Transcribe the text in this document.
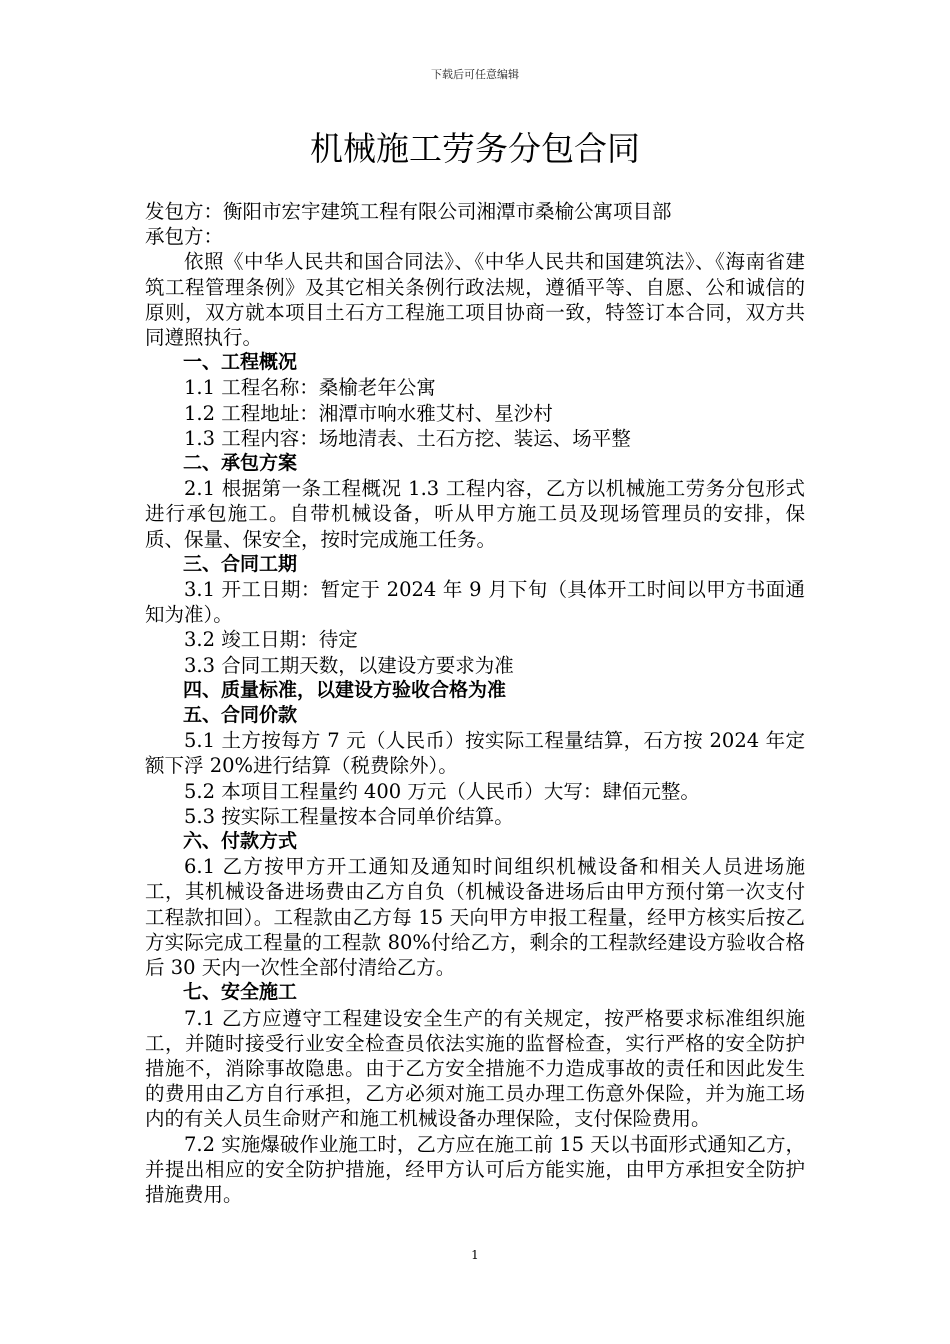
下载后可任意编辑
机械施工劳务分包合同

发包方：衡阳市宏宇建筑工程有限公司湘潭市桑榆公寓项目部

承包方：

依照《中华人民共和国合同法》、《中华人民共和国建筑法》、《海南省建筑工程管理条例》及其它相关条例行政法规，遵循平等、自愿、公和诚信的原则，双方就本项目土石方工程施工项目协商一致，特签订本合同，双方共同遵照执行。

一、工程概况

1.1 工程名称：桑榆老年公寓

1.2 工程地址：湘潭市响水雅艾村、星沙村

1.3 工程内容：场地清表、土石方挖、装运、场平整

二、承包方案

2.1 根据第一条工程概况 1.3 工程内容，乙方以机械施工劳务分包形式进行承包施工。自带机械设备，听从甲方施工员及现场管理员的安排，保质、保量、保安全，按时完成施工任务。

三、合同工期

3.1 开工日期：暂定于 2024 年 9 月下旬（具体开工时间以甲方书面通知为准）。

3.2 竣工日期：待定

3.3 合同工期天数，以建设方要求为准

四、质量标准，以建设方验收合格为准

五、合同价款

5.1 土方按每方 7 元（人民币）按实际工程量结算，石方按 2024 年定额下浮 20%进行结算（税费除外）。

5.2 本项目工程量约 400 万元（人民币）大写：肆佰元整。

5.3 按实际工程量按本合同单价结算。

六、付款方式

6.1 乙方按甲方开工通知及通知时间组织机械设备和相关人员进场施工，其机械设备进场费由乙方自负（机械设备进场后由甲方预付第一次支付工程款扣回）。工程款由乙方每 15 天向甲方申报工程量，经甲方核实后按乙方实际完成工程量的工程款 80%付给乙方，剩余的工程款经建设方验收合格后 30 天内一次性全部付清给乙方。

七、安全施工

7.1 乙方应遵守工程建设安全生产的有关规定，按严格要求标准组织施工，并随时接受行业安全检查员依法实施的监督检查，实行严格的安全防护措施不，消除事故隐患。由于乙方安全措施不力造成事故的责任和因此发生的费用由乙方自行承担，乙方必须对施工员办理工伤意外保险，并为施工场内的有关人员生命财产和施工机械设备办理保险，支付保险费用。

7.2 实施爆破作业施工时，乙方应在施工前 15 天以书面形式通知乙方，并提出相应的安全防护措施，经甲方认可后方能实施，由甲方承担安全防护措施费用。

1
